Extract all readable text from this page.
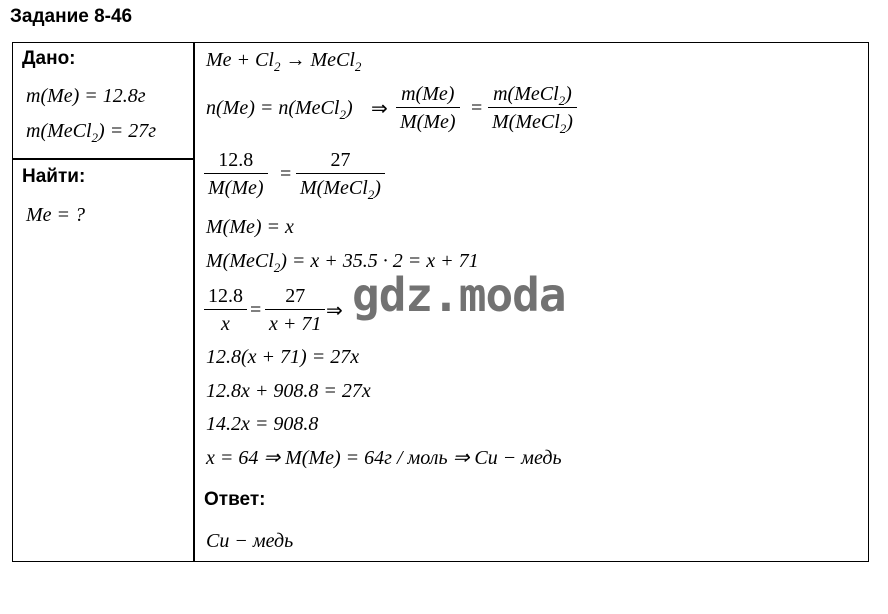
Задание 8-46
Дано:
m(Me) = 12.8г
m(MeCl$_2$) = 27г
Найти:
Me = ?
$Me + Cl_2$ → MeCl$_2$
n(Me) = n(MeCl$_2$) ⇒ $\frac{m(Me)}{M(Me)}$ =
m(MeCl$_2$)
M(MeCl$_2$)
$\frac{12.8}{M(Me)}$ =
27
M(MeCl$_2$)
M(Me) = x
M(MeCl$_2$) = x + 35.5 · 2 = x + 71
$\frac{12.8}{x} = \frac{27}{x + 71}$ ⇒ gdz.moda
12.8(x + 71) = 27x
12.8x + 908.8 = 27x
14.2x = 908.8
x = 64 ⇒ M(Me) = 64г / моль ⇒ Cu − медь
Ответ:
Cu − медь
